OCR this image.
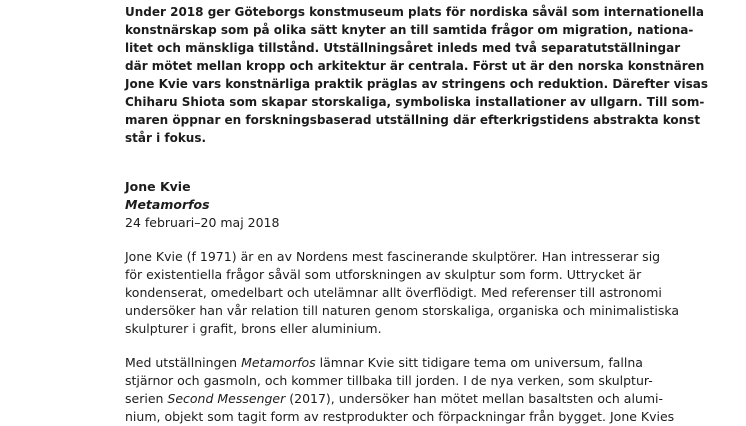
Under 2018 ger Göteborgs konstmuseum plats för nordiska såväl som internationella
konstnärskap som på olika sätt knyter an till samtida frågor om migration, nationa-
litet och mänskliga tillstånd. Utställningsåret inleds med två separatutställningar
där mötet mellan kropp och arkitektur är centrala. Först ut är den norska konstnären
Jone Kvie vars konstnärliga praktik präglas av stringens och reduktion. Därefter visas
Chiharu Shiota som skapar storskaliga, symboliska installationer av ullgarn. Till som-
maren öppnar en forskningsbaserad utställning där efterkrigstidens abstrakta konst
står i fokus.
Jone Kvie
Metamorfos
24 februari–20 maj 2018
Jone Kvie (f 1971) är en av Nordens mest fascinerande skulptörer. Han intresserar sig
för existentiella frågor såväl som utforskningen av skulptur som form. Uttrycket är
kondenserat, omedelbart och utelämnar allt överflödigt. Med referenser till astronomi
undersöker han vår relation till naturen genom storskaliga, organiska och minimalistiska
skulpturer i grafit, brons eller aluminium.
Med utställningen Metamorfos lämnar Kvie sitt tidigare tema om universum, fallna
stjärnor och gasmoln, och kommer tillbaka till jorden. I de nya verken, som skulptur-
serien Second Messenger (2017), undersöker han mötet mellan basaltsten och alumi-
nium, objekt som tagit form av restprodukter och förpackningar från bygget. Jone Kvies
